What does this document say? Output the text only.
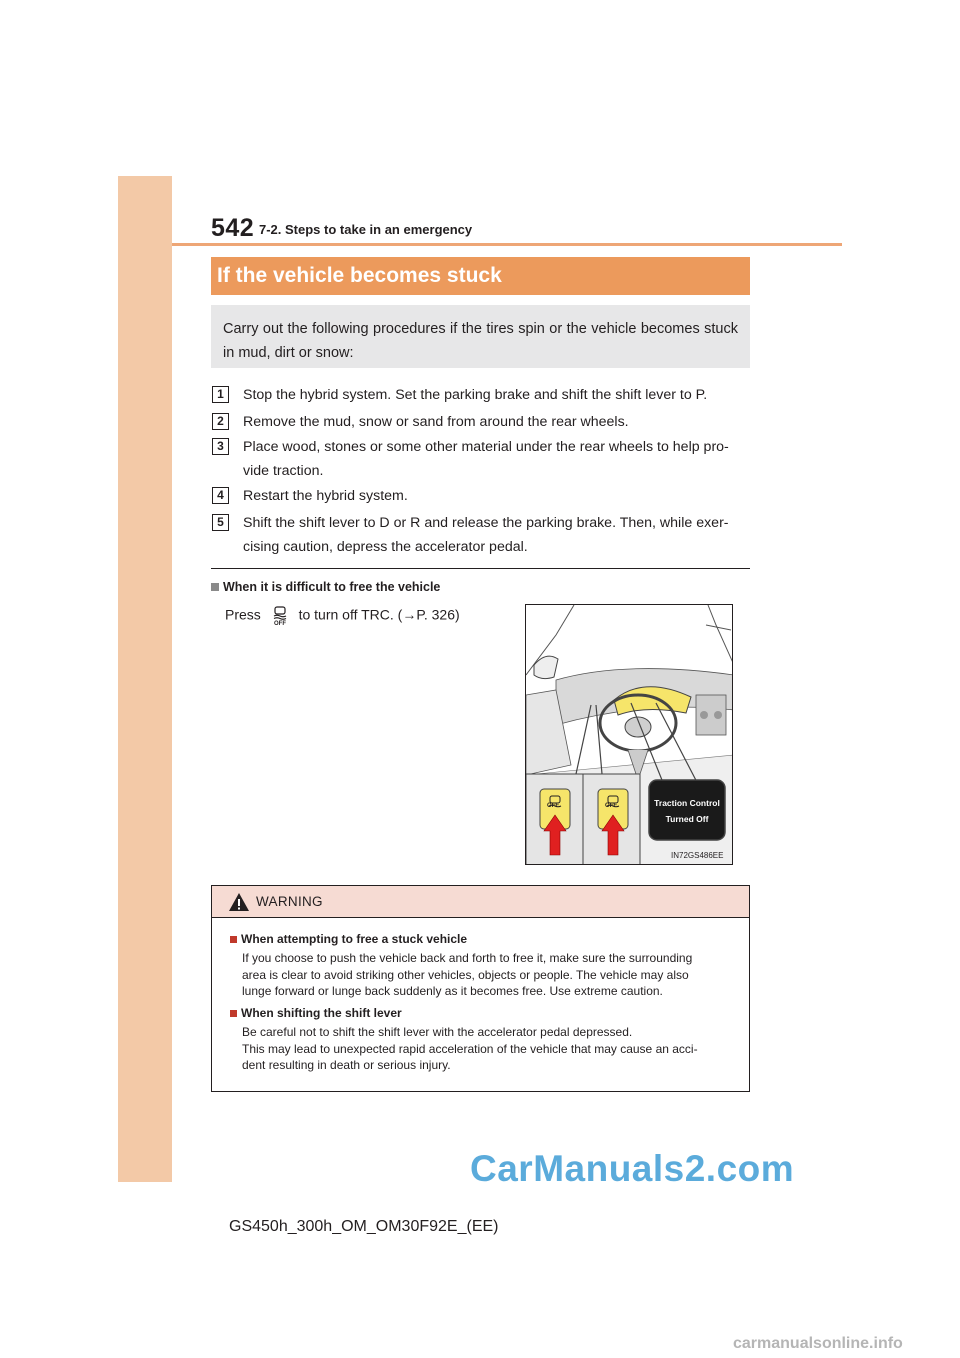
542 7-2. Steps to take in an emergency
If the vehicle becomes stuck
Carry out the following procedures if the tires spin or the vehicle becomes stuck in mud, dirt or snow:
1	Stop the hybrid system. Set the parking brake and shift the shift lever to P.
2	Remove the mud, snow or sand from around the rear wheels.
3	Place wood, stones or some other material under the rear wheels to help pro-
vide traction.
4	Restart the hybrid system.
5	Shift the shift lever to D or R and release the parking brake. Then, while exer-
cising caution, depress the accelerator pedal.
When it is difficult to free the vehicle
Press
OFF
to turn off TRC. (→P. 326)
OFF	OFF	Traction Control
Turned Off
IN72GS486EE
WARNING
When attempting to free a stuck vehicle
If you choose to push the vehicle back and forth to free it, make sure the surrounding
area is clear to avoid striking other vehicles, objects or people. The vehicle may also
lunge forward or lunge back suddenly as it becomes free. Use extreme caution.
When shifting the shift lever
Be careful not to shift the shift lever with the accelerator pedal depressed.
This may lead to unexpected rapid acceleration of the vehicle that may cause an acci-
dent resulting in death or serious injury.
GS450h_300h_OM_OM30F92E_(EE)
CarManuals2.com
carmanualsonline.info
